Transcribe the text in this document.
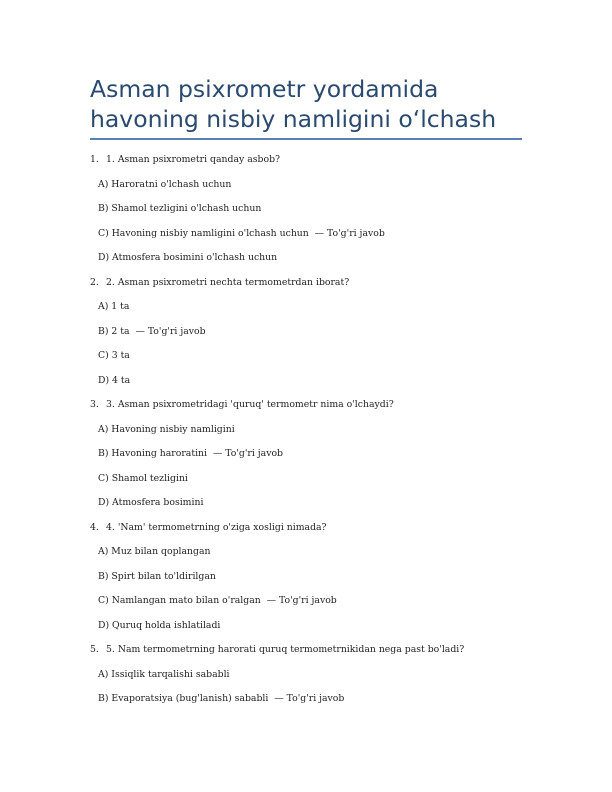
Asman psixrometr yordamida havoning nisbiy namligini o‘lchash
1. 1. Asman psixrometri qanday asbob?
A) Haroratni o'lchash uchun
B) Shamol tezligini o'lchash uchun
C) Havoning nisbiy namligini o'lchash uchun — To'g'ri javob
D) Atmosfera bosimini o'lchash uchun
2. 2. Asman psixrometri nechta termometrdan iborat?
A) 1 ta
B) 2 ta — To'g'ri javob
C) 3 ta
D) 4 ta
3. 3. Asman psixrometridagi 'quruq' termometr nima o'lchaydi?
A) Havoning nisbiy namligini
B) Havoning haroratini — To'g'ri javob
C) Shamol tezligini
D) Atmosfera bosimini
4. 4. 'Nam' termometrning o'ziga xosligi nimada?
A) Muz bilan qoplangan
B) Spirt bilan to'ldirilgan
C) Namlangan mato bilan o'ralgan — To'g'ri javob
D) Quruq holda ishlatiladi
5. 5. Nam termometrning harorati quruq termometrnikidan nega past bo'ladi?
A) Issiqlik tarqalishi sababli
B) Evaporatsiya (bug'lanish) sababli — To'g'ri javob
